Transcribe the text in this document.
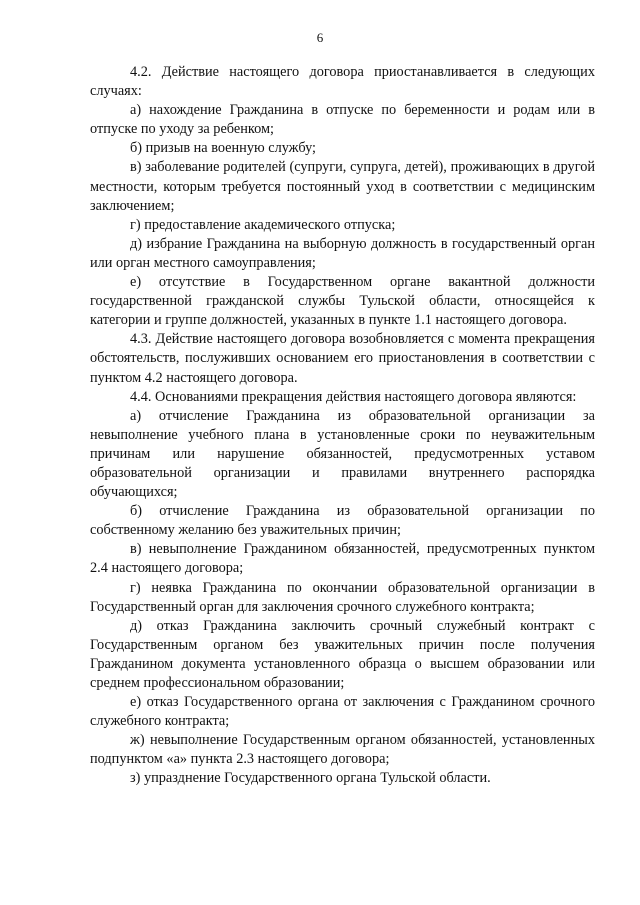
6

4.2. Действие настоящего договора приостанавливается в следующих случаях:

а) нахождение Гражданина в отпуске по беременности и родам или в отпуске по уходу за ребенком;

б) призыв на военную службу;

в) заболевание родителей (супруги, супруга, детей), проживающих в другой местности, которым требуется постоянный уход в соответствии с медицинским заключением;

г) предоставление академического отпуска;

д) избрание Гражданина на выборную должность в государственный орган или орган местного самоуправления;

е) отсутствие в Государственном органе вакантной должности государственной гражданской службы Тульской области, относящейся к категории и группе должностей, указанных в пункте 1.1 настоящего договора.

4.3. Действие настоящего договора возобновляется с момента прекращения обстоятельств, послуживших основанием его приостановления в соответствии с пунктом 4.2 настоящего договора.

4.4. Основаниями прекращения действия настоящего договора являются:

а) отчисление Гражданина из образовательной организации за невыполнение учебного плана в установленные сроки по неуважительным причинам или нарушение обязанностей, предусмотренных уставом образовательной организации и правилами внутреннего распорядка обучающихся;

б) отчисление Гражданина из образовательной организации по собственному желанию без уважительных причин;

в) невыполнение Гражданином обязанностей, предусмотренных пунктом 2.4 настоящего договора;

г) неявка Гражданина по окончании образовательной организации в Государственный орган для заключения срочного служебного контракта;

д) отказ Гражданина заключить срочный служебный контракт с Государственным органом без уважительных причин после получения Гражданином документа установленного образца о высшем образовании или среднем профессиональном образовании;

е) отказ Государственного органа от заключения с Гражданином срочного служебного контракта;

ж) невыполнение Государственным органом обязанностей, установленных подпунктом «а» пункта 2.3 настоящего договора;

з) упразднение Государственного органа Тульской области.
